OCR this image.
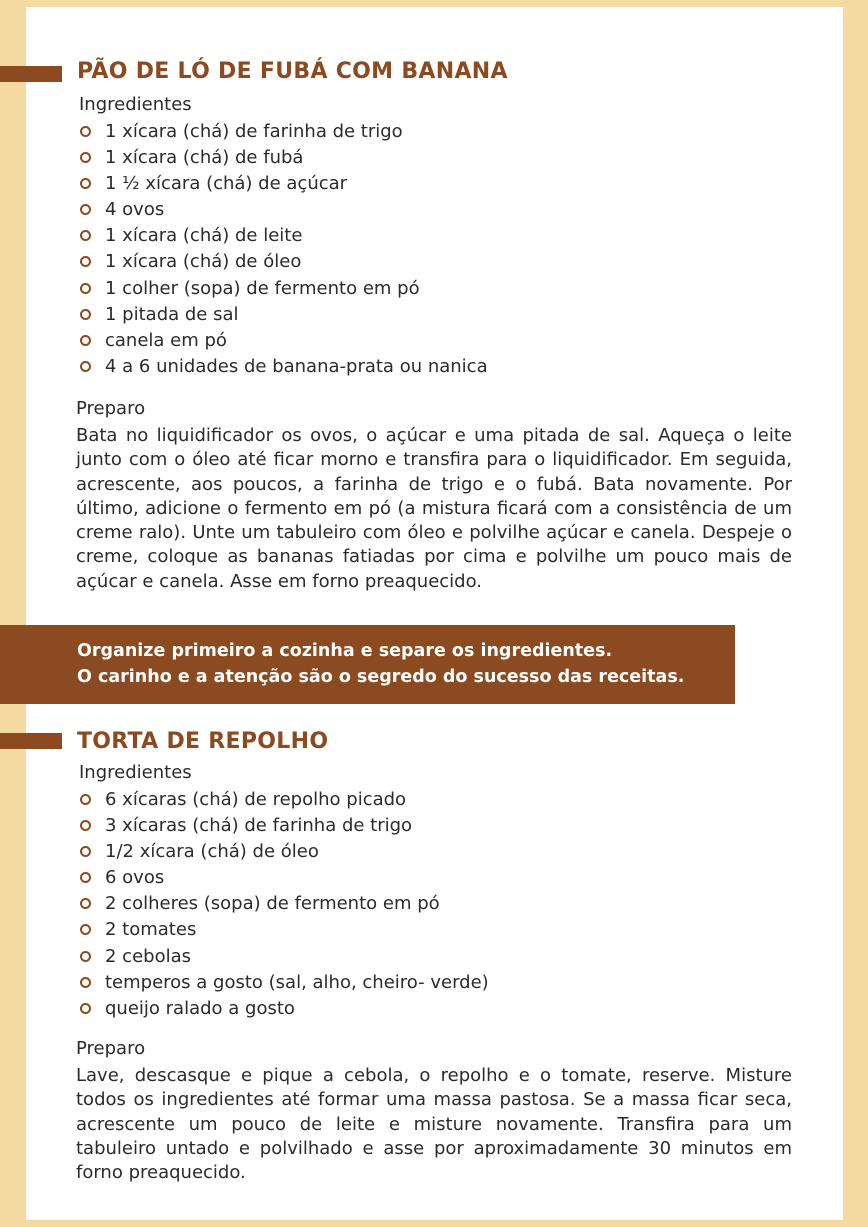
PÃO DE LÓ DE FUBÁ COM BANANA
Ingredientes
1 xícara (chá) de farinha de trigo
1 xícara (chá) de fubá
1 ½ xícara (chá) de açúcar
4 ovos
1 xícara (chá) de leite
1 xícara (chá) de óleo
1 colher (sopa) de fermento em pó
1 pitada de sal
canela em pó
4 a 6 unidades de banana-prata ou nanica
Preparo

Bata no liquidificador os ovos, o açúcar e uma pitada de sal. Aqueça o leite junto com o óleo até ficar morno e transfira para o liquidificador. Em seguida, acrescente, aos poucos, a farinha de trigo e o fubá. Bata novamente. Por último, adicione o fermento em pó (a mistura ficará com a consistência de um creme ralo). Unte um tabuleiro com óleo e polvilhe açúcar e canela. Despeje o creme, coloque as bananas fatiadas por cima e polvilhe um pouco mais de açúcar e canela. Asse em forno preaquecido.

Organize primeiro a cozinha e separe os ingredientes.

O carinho e a atenção são o segredo do sucesso das receitas.

TORTA DE REPOLHO
Ingredientes
6 xícaras (chá) de repolho picado
3 xícaras (chá) de farinha de trigo
1/2 xícara (chá) de óleo
6 ovos
2 colheres (sopa) de fermento em pó
2 tomates
2 cebolas
temperos a gosto (sal, alho, cheiro- verde)
queijo ralado a gosto
Preparo

Lave, descasque e pique a cebola, o repolho e o tomate, reserve. Misture todos os ingredientes até formar uma massa pastosa. Se a massa ficar seca, acrescente um pouco de leite e misture novamente. Transfira para um tabuleiro untado e polvilhado e asse por aproximadamente 30 minutos em forno preaquecido.
